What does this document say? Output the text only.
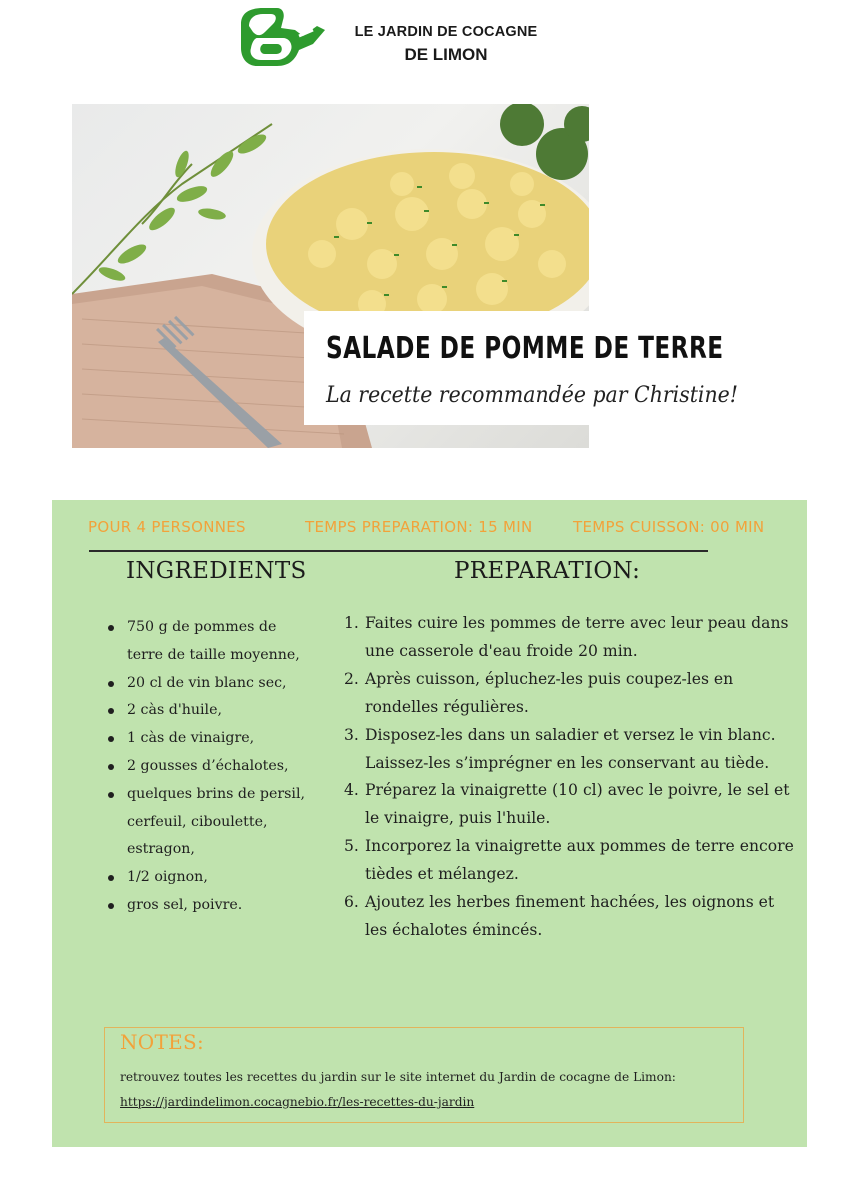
LE JARDIN DE COCAGNE
DE LIMON
SALADE DE POMME DE TERRE
La recette recommandée par Christine!
POUR 4 PERSONNES	TEMPS PREPARATION: 15 MIN	TEMPS CUISSON: 00 MIN
INGREDIENTS	PREPARATION:
750 g de pommes de terre de taille moyenne,
20 cl de vin blanc sec,
2 càs d'huile,
1 càs de vinaigre,
2 gousses d’échalotes,
quelques brins de persil, cerfeuil, ciboulette, estragon,
1/2 oignon,
gros sel, poivre.
1. Faites cuire les pommes de terre avec leur peau dans une casserole d'eau froide 20 min.
2. Après cuisson, épluchez-les puis coupez-les en rondelles régulières.
3. Disposez-les dans un saladier et versez le vin blanc. Laissez-les s’imprégner en les conservant au tiède.
4. Préparez la vinaigrette (10 cl) avec le poivre, le sel et le vinaigre, puis l'huile.
5. Incorporez la vinaigrette aux pommes de terre encore tièdes et mélangez.
6. Ajoutez les herbes finement hachées, les oignons et les échalotes émincés.
NOTES:
retrouvez toutes les recettes du jardin sur le site internet du Jardin de cocagne de Limon:
https://jardindelimon.cocagnebio.fr/les-recettes-du-jardin
